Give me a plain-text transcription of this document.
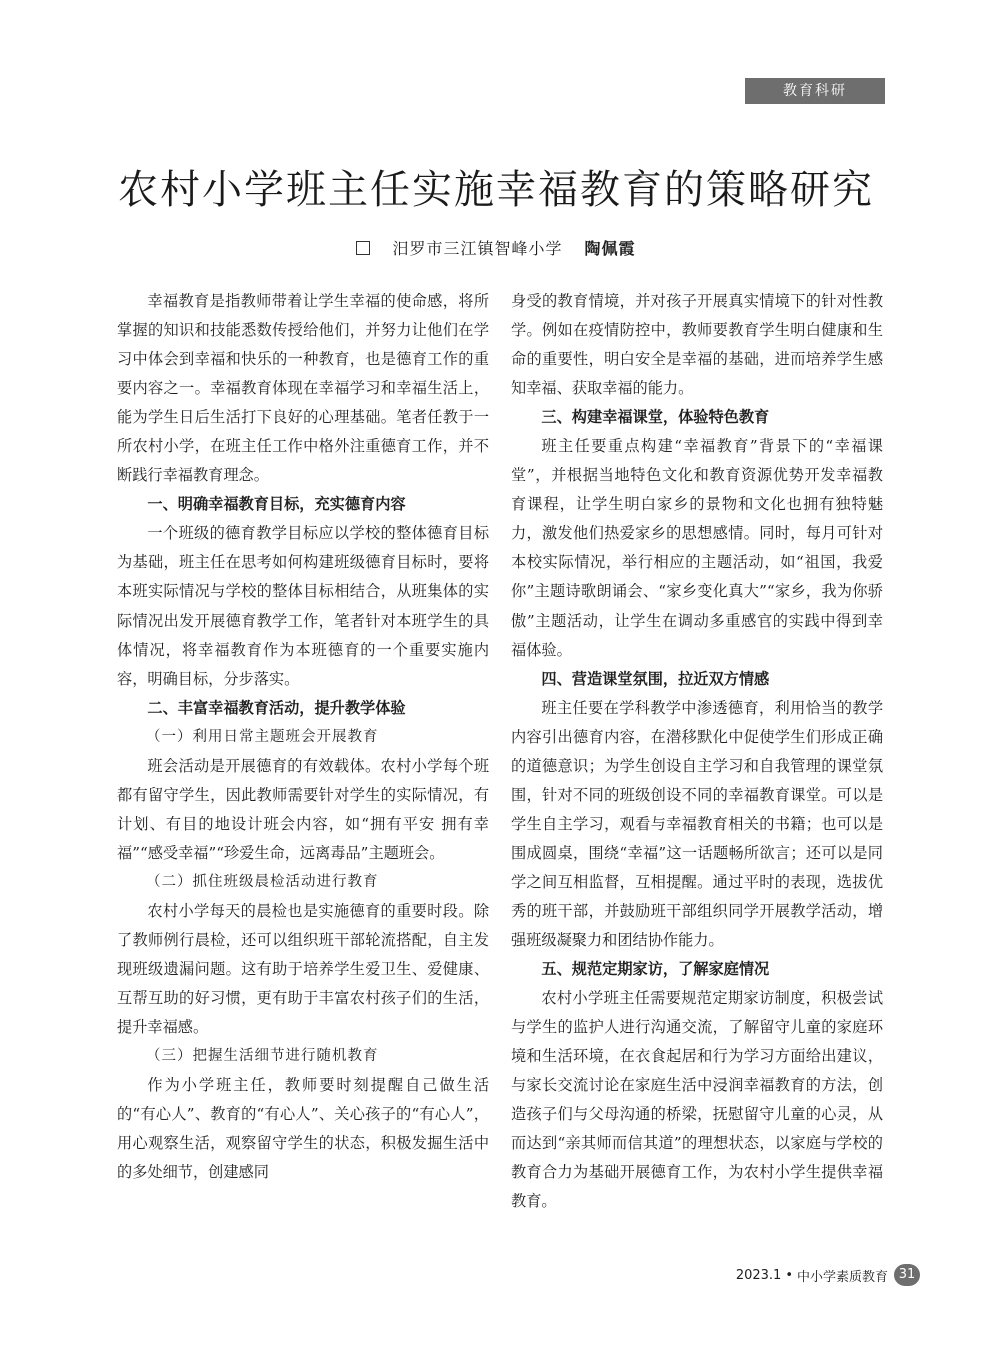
教育科研
农村小学班主任实施幸福教育的策略研究
汨罗市三江镇智峰小学 陶佩霞

幸福教育是指教师带着让学生幸福的使命感，将所掌握的知识和技能悉数传授给他们，并努力让他们在学习中体会到幸福和快乐的一种教育，也是德育工作的重要内容之一。幸福教育体现在幸福学习和幸福生活上，能为学生日后生活打下良好的心理基础。笔者任教于一所农村小学，在班主任工作中格外注重德育工作，并不断践行幸福教育理念。

一、明确幸福教育目标，充实德育内容

一个班级的德育教学目标应以学校的整体德育目标为基础，班主任在思考如何构建班级德育目标时，要将本班实际情况与学校的整体目标相结合，从班集体的实际情况出发开展德育教学工作，笔者针对本班学生的具体情况，将幸福教育作为本班德育的一个重要实施内容，明确目标，分步落实。

二、丰富幸福教育活动，提升教学体验
（一）利用日常主题班会开展教育

班会活动是开展德育的有效载体。农村小学每个班都有留守学生，因此教师需要针对学生的实际情况，有计划、有目的地设计班会内容，如“拥有平安 拥有幸福”“感受幸福”“珍爱生命，远离毒品”主题班会。

（二）抓住班级晨检活动进行教育

农村小学每天的晨检也是实施德育的重要时段。除了教师例行晨检，还可以组织班干部轮流搭配，自主发现班级遗漏问题。这有助于培养学生爱卫生、爱健康、互帮互助的好习惯，更有助于丰富农村孩子们的生活，提升幸福感。

（三）把握生活细节进行随机教育

作为小学班主任，教师要时刻提醒自己做生活的“有心人”、教育的“有心人”、关心孩子的“有心人”，用心观察生活，观察留守学生的状态，积极发掘生活中的多处细节，创建感同

身受的教育情境，并对孩子开展真实情境下的针对性教学。例如在疫情防控中，教师要教育学生明白健康和生命的重要性，明白安全是幸福的基础，进而培养学生感知幸福、获取幸福的能力。

三、构建幸福课堂，体验特色教育

班主任要重点构建“幸福教育”背景下的“幸福课堂”，并根据当地特色文化和教育资源优势开发幸福教育课程，让学生明白家乡的景物和文化也拥有独特魅力，激发他们热爱家乡的思想感情。同时，每月可针对本校实际情况，举行相应的主题活动，如“祖国，我爱你”主题诗歌朗诵会、“家乡变化真大”“家乡，我为你骄傲”主题活动，让学生在调动多重感官的实践中得到幸福体验。

四、营造课堂氛围，拉近双方情感

班主任要在学科教学中渗透德育，利用恰当的教学内容引出德育内容，在潜移默化中促使学生们形成正确的道德意识；为学生创设自主学习和自我管理的课堂氛围，针对不同的班级创设不同的幸福教育课堂。可以是学生自主学习，观看与幸福教育相关的书籍；也可以是围成圆桌，围绕“幸福”这一话题畅所欲言；还可以是同学之间互相监督，互相提醒。通过平时的表现，选拔优秀的班干部，并鼓励班干部组织同学开展教学活动，增强班级凝聚力和团结协作能力。

五、规范定期家访，了解家庭情况

农村小学班主任需要规范定期家访制度，积极尝试与学生的监护人进行沟通交流，了解留守儿童的家庭环境和生活环境，在衣食起居和行为学习方面给出建议，与家长交流讨论在家庭生活中浸润幸福教育的方法，创造孩子们与父母沟通的桥梁，抚慰留守儿童的心灵，从而达到“亲其师而信其道”的理想状态，以家庭与学校的教育合力为基础开展德育工作，为农村小学生提供幸福教育。

2023.1 • 中小学素质教育 31
